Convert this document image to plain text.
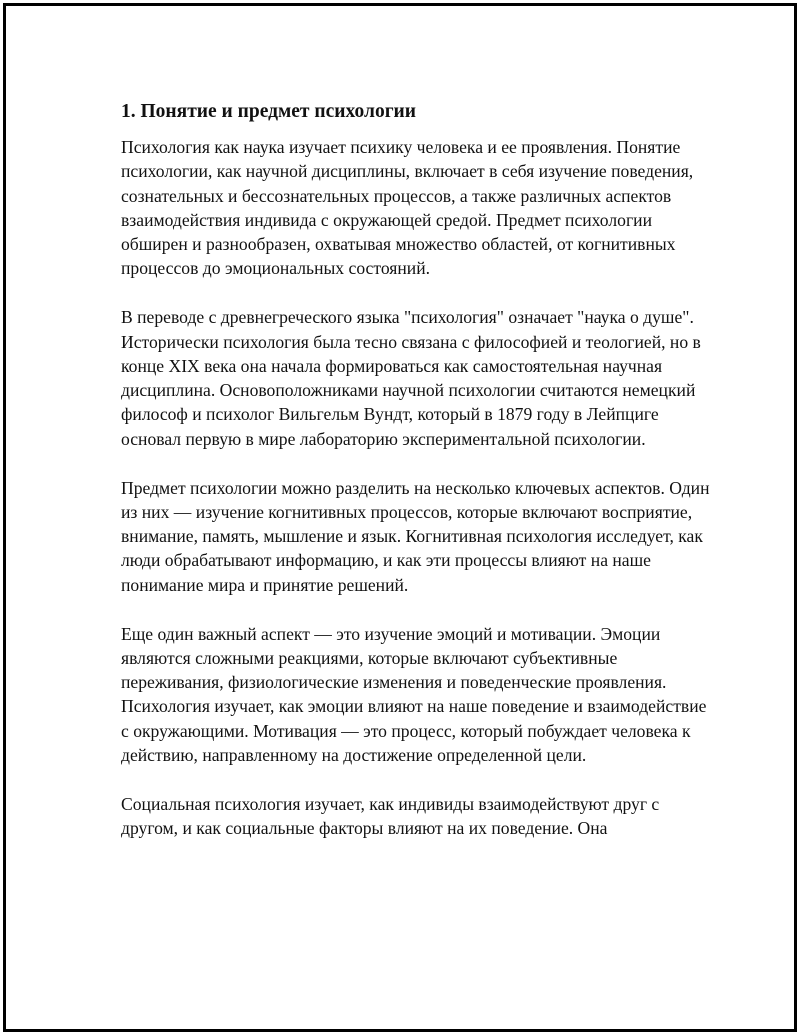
1. Понятие и предмет психологии

Психология как наука изучает психику человека и ее проявления. Понятие психологии, как научной дисциплины, включает в себя изучение поведения, сознательных и бессознательных процессов, а также различных аспектов взаимодействия индивида с окружающей средой. Предмет психологии обширен и разнообразен, охватывая множество областей, от когнитивных процессов до эмоциональных состояний.

В переводе с древнегреческого языка "психология" означает "наука о душе". Исторически психология была тесно связана с философией и теологией, но в конце XIX века она начала формироваться как самостоятельная научная дисциплина. Основоположниками научной психологии считаются немецкий философ и психолог Вильгельм Вундт, который в 1879 году в Лейпциге основал первую в мире лабораторию экспериментальной психологии.

Предмет психологии можно разделить на несколько ключевых аспектов. Один из них — изучение когнитивных процессов, которые включают восприятие, внимание, память, мышление и язык. Когнитивная психология исследует, как люди обрабатывают информацию, и как эти процессы влияют на наше понимание мира и принятие решений.

Еще один важный аспект — это изучение эмоций и мотивации. Эмоции являются сложными реакциями, которые включают субъективные переживания, физиологические изменения и поведенческие проявления. Психология изучает, как эмоции влияют на наше поведение и взаимодействие с окружающими. Мотивация — это процесс, который побуждает человека к действию, направленному на достижение определенной цели.

Социальная психология изучает, как индивиды взаимодействуют друг с другом, и как социальные факторы влияют на их поведение. Она
